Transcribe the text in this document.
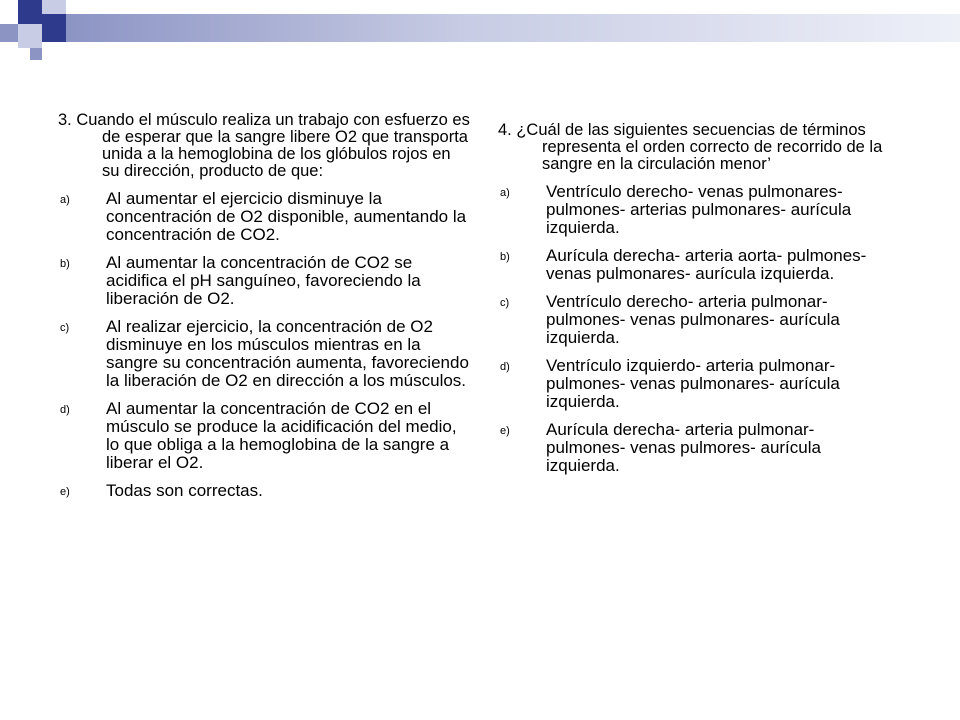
3. Cuando el músculo realiza un trabajo con esfuerzo es de esperar que la sangre libere O2 que transporta unida a la hemoglobina de los glóbulos rojos en su dirección, producto de que:

a) Al aumentar el ejercicio disminuye la concentración de O2 disponible, aumentando la concentración de CO2.
b) Al aumentar la concentración de CO2 se acidifica el pH sanguíneo, favoreciendo la liberación de O2.
c) Al realizar ejercicio, la concentración de O2 disminuye en los músculos mientras en la sangre su concentración aumenta, favoreciendo la liberación de O2 en dirección a los músculos.
d) Al aumentar la concentración de CO2 en el músculo se produce la acidificación del medio, lo que obliga a la hemoglobina de la sangre a liberar el O2.
e) Todas son correctas.

4. ¿Cuál de las siguientes secuencias de términos representa el orden correcto de recorrido de la sangre en la circulación menor’

a) Ventrículo derecho- venas pulmonares- pulmones- arterias pulmonares- aurícula izquierda.
b) Aurícula derecha- arteria aorta- pulmones- venas pulmonares- aurícula izquierda.
c) Ventrículo derecho- arteria pulmonar- pulmones- venas pulmonares- aurícula izquierda.
d) Ventrículo izquierdo- arteria pulmonar- pulmones- venas pulmonares- aurícula izquierda.
e) Aurícula derecha- arteria pulmonar- pulmones- venas pulmores- aurícula izquierda.
